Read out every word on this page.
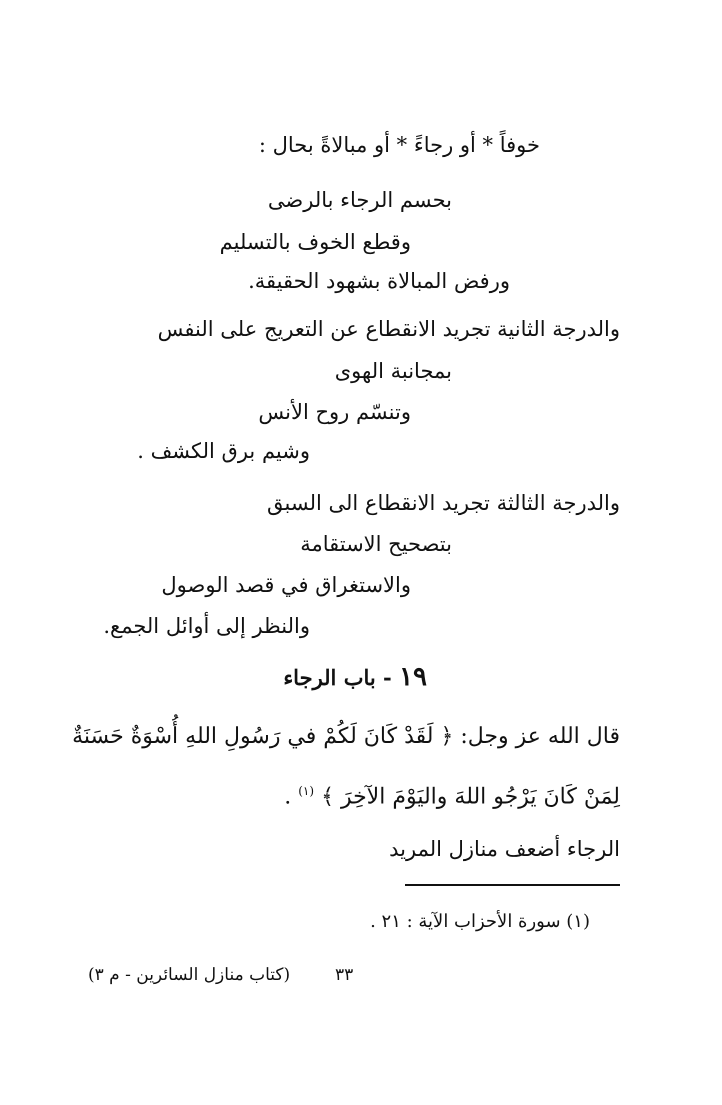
خوفاً * أو رجاءً * أو مبالاةً بحال :
بحسم الرجاء بالرضى
وقطع الخوف بالتسليم
ورفض المبالاة بشهود الحقيقة.
والدرجة الثانية تجريد الانقطاع عن التعريج على النفس
بمجانبة الهوى
وتنسّم روح الأنس
وشيم برق الكشف .
والدرجة الثالثة تجريد الانقطاع الى السبق
بتصحيح الاستقامة
والاستغراق في قصد الوصول
والنظر إلى أوائل الجمع.
١٩ - باب الرجاء
قال الله عز وجل: ﴿ لَقَدْ كَانَ لَكُمْ في رَسُولِ اللهِ أُسْوَةٌ حَسَنَةٌ
لِمَنْ كَانَ يَرْجُو اللهَ واليَوْمَ الآخِرَ ﴾ $^{(١)}$ .
الرجاء أضعف منازل المريد
(١) سورة الأحزاب الآية : ٢١ .
٣٣
(كتاب منازل السائرين - م ٣)
